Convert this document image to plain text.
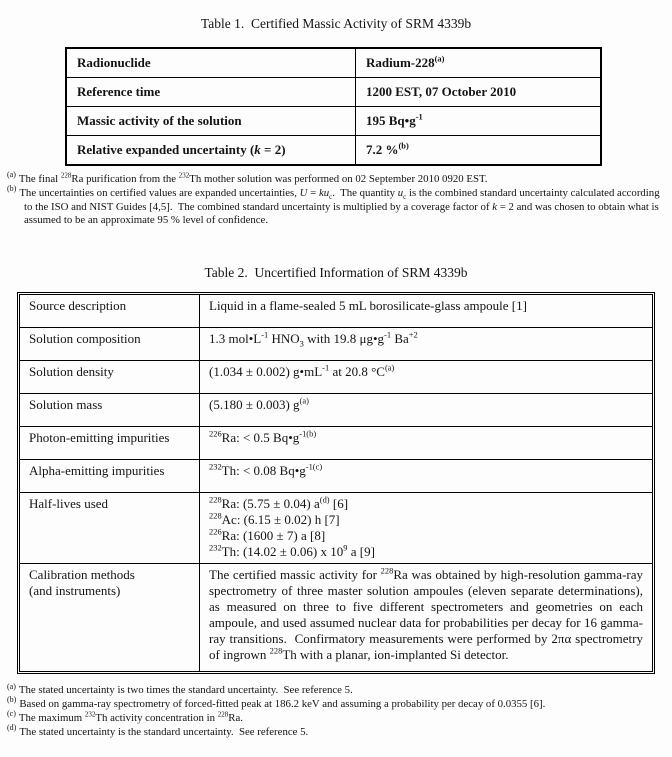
Table 1.  Certified Massic Activity of SRM 4339b
Radionuclide	Radium-228$^{(a)}$
Reference time	1200 EST, 07 October 2010
Massic activity of the solution	195 $Bq•g^{-1}$
Relative expanded uncertainty (k = 2)	7.2 %$^{(b)}$

$^{(a)}$ The final $^{228}$Ra purification from the $^{232}$Th mother solution was performed on 02 September 2010 0920 EST.

$^{(b)}$ The uncertainties on certified values are expanded uncertainties, $U = ku_c$.  The quantity $u_c$ is the combined standard uncertainty calculated according to the ISO and NIST Guides [4,5].  The combined standard uncertainty is multiplied by a coverage factor of k = 2 and was chosen to obtain what is assumed to be an approximate 95 % level of confidence.

Table 2.  Uncertified Information of SRM 4339b
Source description	Liquid in a flame-sealed 5 mL borosilicate-glass ampoule [1]
Solution composition	1.3 $mol•L^{-1}$ $HNO_3$ with 19.8 $\mu g•g^{-1}$ $Ba^{+2}$
Solution density	(1.034 ± 0.002) $g•mL^{-1}$ at 20.8 $^\circ C^{(a)}$
Solution mass	(5.180 ± 0.003) $g^{(a)}$
Photon-emitting impurities	$^{226}$Ra: < 0.5 $Bq•g^{-1(b)}$
Alpha-emitting impurities	$^{232}$Th: < 0.08 $Bq•g^{-1(c)}$
Half-lives used	$^{228}$Ra: (5.75 ± 0.04) $a^{(d)}$ [6]
$^{228}$Ac: (6.15 ± 0.02) h [7]
$^{226}$Ra: (1600 ± 7) a [8]
$^{232}$Th: (14.02 ± 0.06) x $10^9$ a [9]
Calibration methods
(and instruments)	The certified massic activity for $^{228}$Ra was obtained by high-resolution gamma-ray spectrometry of three master solution ampoules (eleven separate determinations), as measured on three to five different spectrometers and geometries on each ampoule, and used assumed nuclear data for probabilities per decay for 16 gamma-ray transitions.  Confirmatory measurements were performed by 2πα spectrometry of ingrown $^{228}$Th with a planar, ion-implanted Si detector.

$^{(a)}$ The stated uncertainty is two times the standard uncertainty.  See reference 5.

$^{(b)}$ Based on gamma-ray spectrometry of forced-fitted peak at 186.2 keV and assuming a probability per decay of 0.0355 [6].

$^{(c)}$ The maximum $^{232}$Th activity concentration in $^{228}$Ra.

$^{(d)}$ The stated uncertainty is the standard uncertainty.  See reference 5.
